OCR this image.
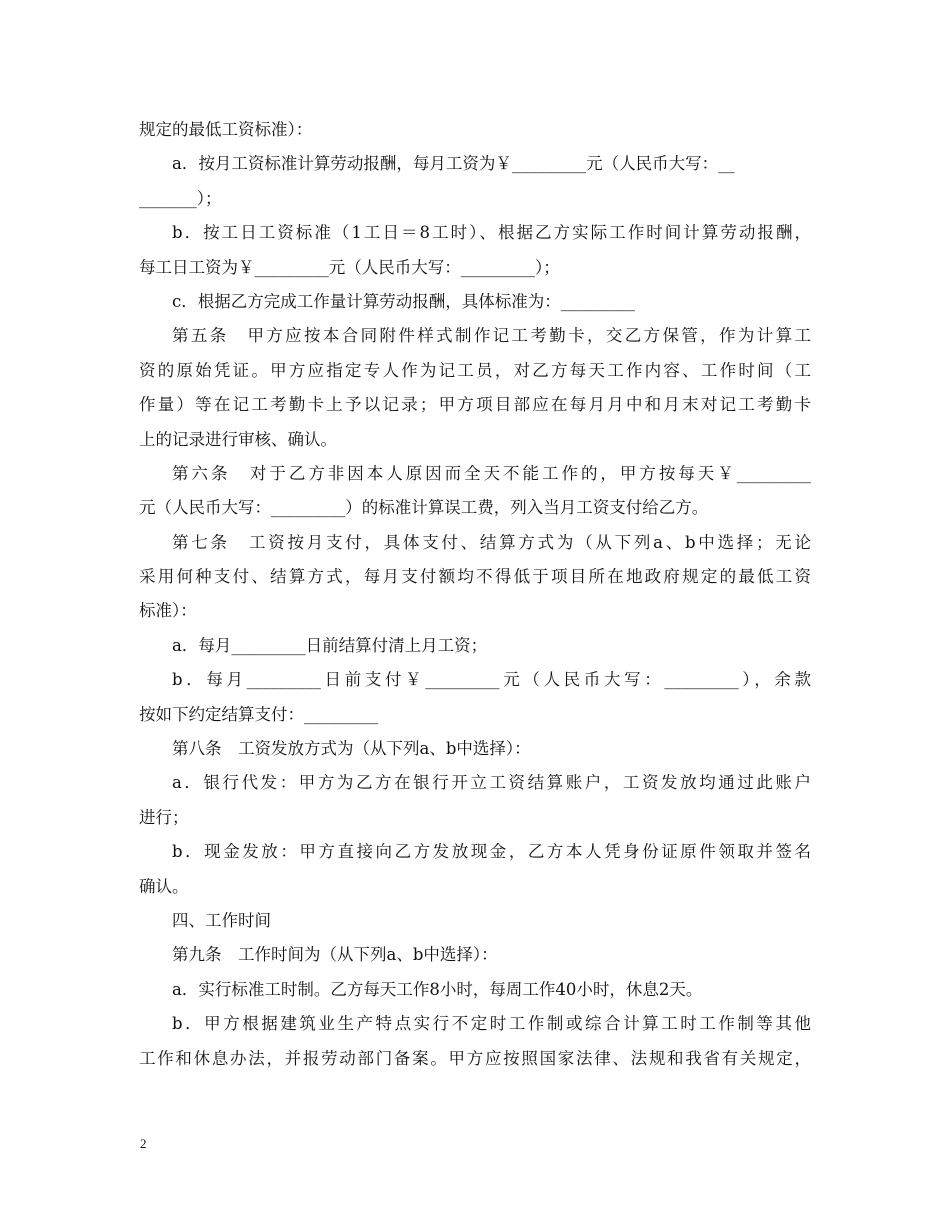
规定的最低工资标准）：
a．按月工资标准计算劳动报酬，每月工资为￥_________元（人民币大写：__
_______）；
b．按工日工资标准（1工日＝8工时）、根据乙方实际工作时间计算劳动报酬，
每工日工资为￥_________元（人民币大写：_________）；
c．根据乙方完成工作量计算劳动报酬，具体标准为：_________
第五条　甲方应按本合同附件样式制作记工考勤卡，交乙方保管，作为计算工
资的原始凭证。甲方应指定专人作为记工员，对乙方每天工作内容、工作时间（工
作量）等在记工考勤卡上予以记录；甲方项目部应在每月月中和月末对记工考勤卡
上的记录进行审核、确认。
第六条　对于乙方非因本人原因而全天不能工作的，甲方按每天￥_________
元（人民币大写：_________）的标准计算误工费，列入当月工资支付给乙方。
第七条　工资按月支付，具体支付、结算方式为（从下列a、b中选择；无论
采用何种支付、结算方式，每月支付额均不得低于项目所在地政府规定的最低工资
标准）：
a．每月_________日前结算付清上月工资；
b．每月_________日前支付￥_________元（人民币大写：_________），余款
按如下约定结算支付：_________
第八条　工资发放方式为（从下列a、b中选择）：
a．银行代发：甲方为乙方在银行开立工资结算账户，工资发放均通过此账户
进行；
b．现金发放：甲方直接向乙方发放现金，乙方本人凭身份证原件领取并签名
确认。
四、工作时间
第九条　工作时间为（从下列a、b中选择）：
a．实行标准工时制。乙方每天工作8小时，每周工作40小时，休息2天。
b．甲方根据建筑业生产特点实行不定时工作制或综合计算工时工作制等其他
工作和休息办法，并报劳动部门备案。甲方应按照国家法律、法规和我省有关规定，
2
